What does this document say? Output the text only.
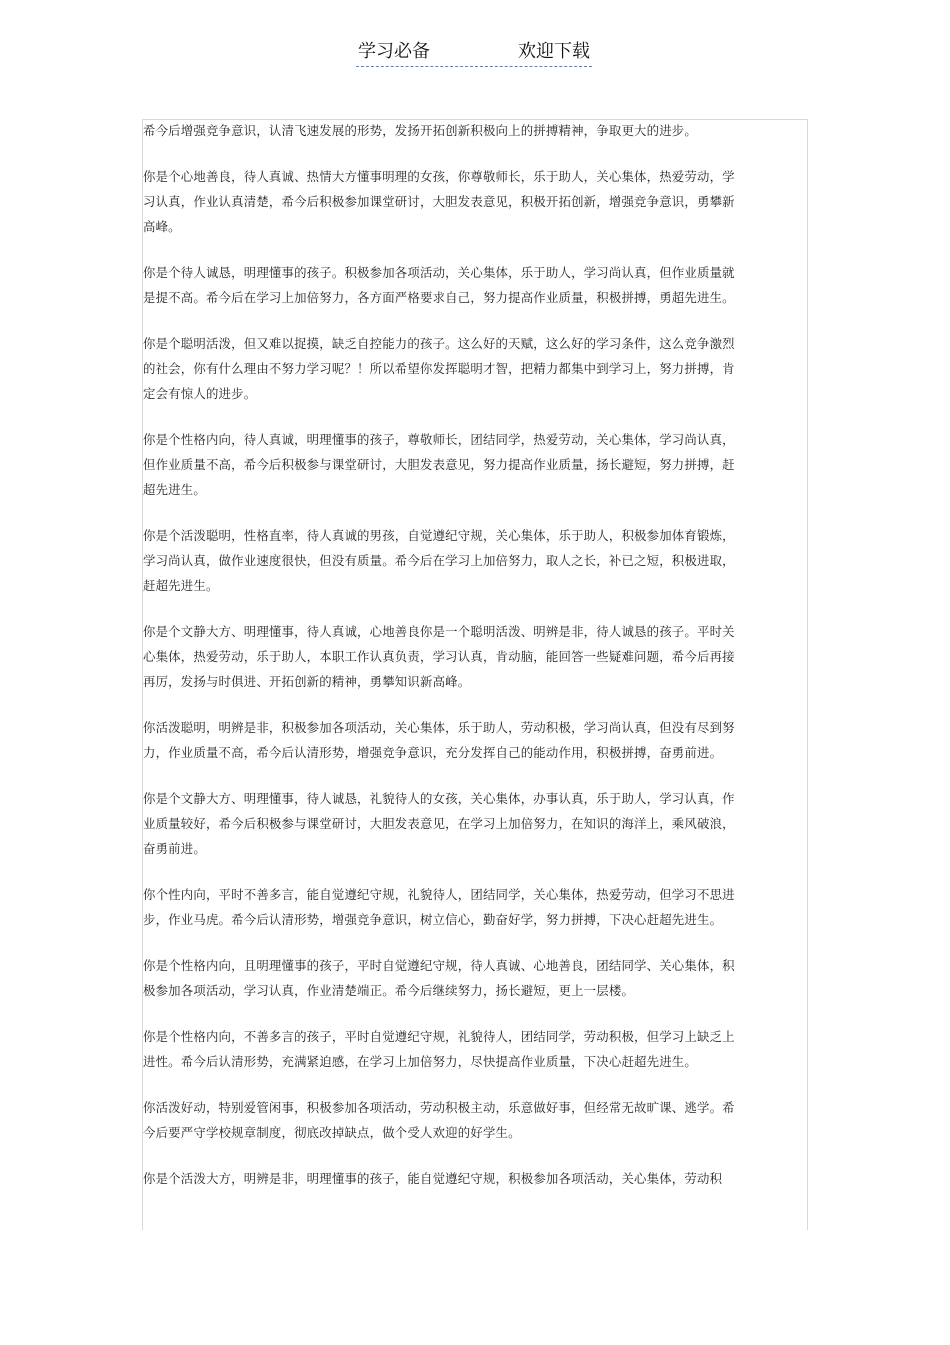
学习必备	欢迎下载

希今后增强竞争意识，认清飞速发展的形势，发扬开拓创新积极向上的拼搏精神，争取更大的进步。

你是个心地善良，待人真诚、热情大方懂事明理的女孩，你尊敬师长，乐于助人，关心集体，热爱劳动，学习认真，作业认真清楚，希今后积极参加课堂研讨，大胆发表意见，积极开拓创新，增强竞争意识，勇攀新高峰。

你是个待人诚恳，明理懂事的孩子。积极参加各项活动，关心集体，乐于助人，学习尚认真，但作业质量就是提不高。希今后在学习上加倍努力，各方面严格要求自己，努力提高作业质量，积极拼搏，勇超先进生。

你是个聪明活泼，但又难以捉摸，缺乏自控能力的孩子。这么好的天赋，这么好的学习条件，这么竞争激烈的社会，你有什么理由不努力学习呢？！所以希望你发挥聪明才智，把精力都集中到学习上，努力拼搏，肯定会有惊人的进步。

你是个性格内向，待人真诚，明理懂事的孩子，尊敬师长，团结同学，热爱劳动，关心集体，学习尚认真，但作业质量不高，希今后积极参与课堂研讨，大胆发表意见，努力提高作业质量，扬长避短，努力拼搏，赶超先进生。

你是个活泼聪明，性格直率，待人真诚的男孩，自觉遵纪守规，关心集体，乐于助人，积极参加体育锻炼，学习尚认真，做作业速度很快，但没有质量。希今后在学习上加倍努力，取人之长，补已之短，积极进取，赶超先进生。

你是个文静大方、明理懂事，待人真诚，心地善良你是一个聪明活泼、明辨是非，待人诚恳的孩子。平时关心集体，热爱劳动，乐于助人，本职工作认真负责，学习认真，肯动脑，能回答一些疑难问题，希今后再接再厉，发扬与时俱进、开拓创新的精神，勇攀知识新高峰。

你活泼聪明，明辨是非，积极参加各项活动，关心集体，乐于助人，劳动积极，学习尚认真，但没有尽到努力，作业质量不高，希今后认清形势，增强竞争意识，充分发挥自己的能动作用，积极拼搏，奋勇前进。

你是个文静大方、明理懂事，待人诚恳，礼貌待人的女孩，关心集体，办事认真，乐于助人，学习认真，作业质量较好，希今后积极参与课堂研讨，大胆发表意见，在学习上加倍努力，在知识的海洋上，乘风破浪，奋勇前进。

你个性内向，平时不善多言，能自觉遵纪守规，礼貌待人，团结同学，关心集体，热爱劳动，但学习不思进步，作业马虎。希今后认清形势，增强竞争意识，树立信心，勤奋好学，努力拼搏，下决心赶超先进生。

你是个性格内向，且明理懂事的孩子，平时自觉遵纪守规，待人真诚、心地善良，团结同学、关心集体，积极参加各项活动，学习认真，作业清楚端正。希今后继续努力，扬长避短，更上一层楼。

你是个性格内向，不善多言的孩子，平时自觉遵纪守规，礼貌待人，团结同学，劳动积极，但学习上缺乏上进性。希今后认清形势，充满紧迫感，在学习上加倍努力，尽快提高作业质量，下决心赶超先进生。

你活泼好动，特别爱管闲事，积极参加各项活动，劳动积极主动，乐意做好事，但经常无故旷课、逃学。希今后要严守学校规章制度，彻底改掉缺点，做个受人欢迎的好学生。

你是个活泼大方，明辨是非，明理懂事的孩子，能自觉遵纪守规，积极参加各项活动，关心集体，劳动积
